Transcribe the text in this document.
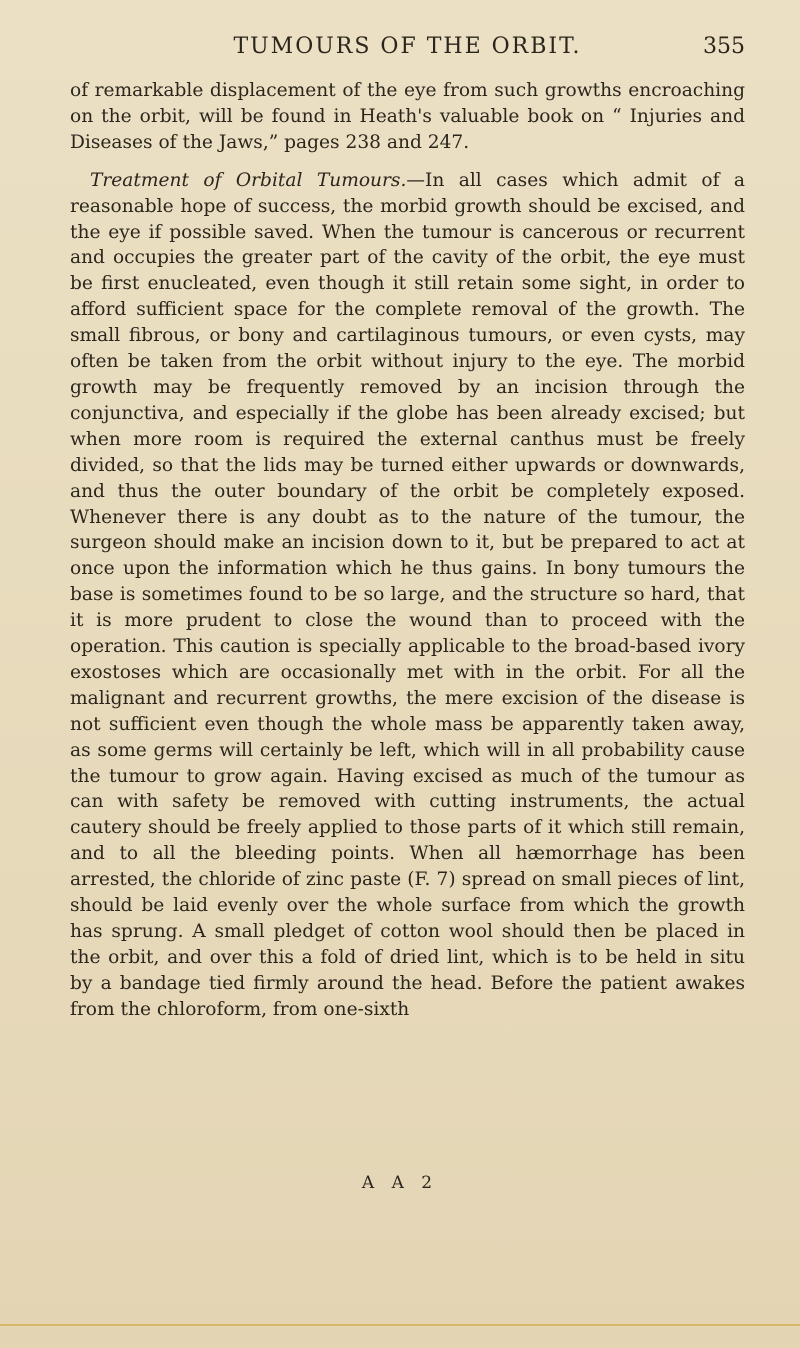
TUMOURS OF THE ORBIT.	355

of remarkable displacement of the eye from such growths encroaching on the orbit, will be found in Heath's valuable book on “ Injuries and Diseases of the Jaws,” pages 238 and 247.

Treatment of Orbital Tumours.—In all cases which admit of a reasonable hope of success, the morbid growth should be excised, and the eye if possible saved. When the tumour is cancerous or recurrent and occupies the greater part of the cavity of the orbit, the eye must be first enucleated, even though it still retain some sight, in order to afford sufficient space for the complete removal of the growth. The small fibrous, or bony and cartilaginous tumours, or even cysts, may often be taken from the orbit without injury to the eye. The morbid growth may be frequently removed by an incision through the conjunctiva, and especially if the globe has been already excised; but when more room is required the external canthus must be freely divided, so that the lids may be turned either upwards or downwards, and thus the outer boundary of the orbit be completely exposed. Whenever there is any doubt as to the nature of the tumour, the surgeon should make an incision down to it, but be prepared to act at once upon the information which he thus gains. In bony tumours the base is sometimes found to be so large, and the structure so hard, that it is more prudent to close the wound than to proceed with the operation. This caution is specially applicable to the broad-based ivory exostoses which are occasionally met with in the orbit. For all the malignant and recurrent growths, the mere excision of the disease is not sufficient even though the whole mass be apparently taken away, as some germs will certainly be left, which will in all probability cause the tumour to grow again. Having excised as much of the tumour as can with safety be removed with cutting instruments, the actual cautery should be freely applied to those parts of it which still remain, and to all the bleeding points. When all hæmorrhage has been arrested, the chloride of zinc paste (F. 7) spread on small pieces of lint, should be laid evenly over the whole surface from which the growth has sprung. A small pledget of cotton wool should then be placed in the orbit, and over this a fold of dried lint, which is to be held in situ by a bandage tied firmly around the head. Before the patient awakes from the chloroform, from one-sixth

A A 2
